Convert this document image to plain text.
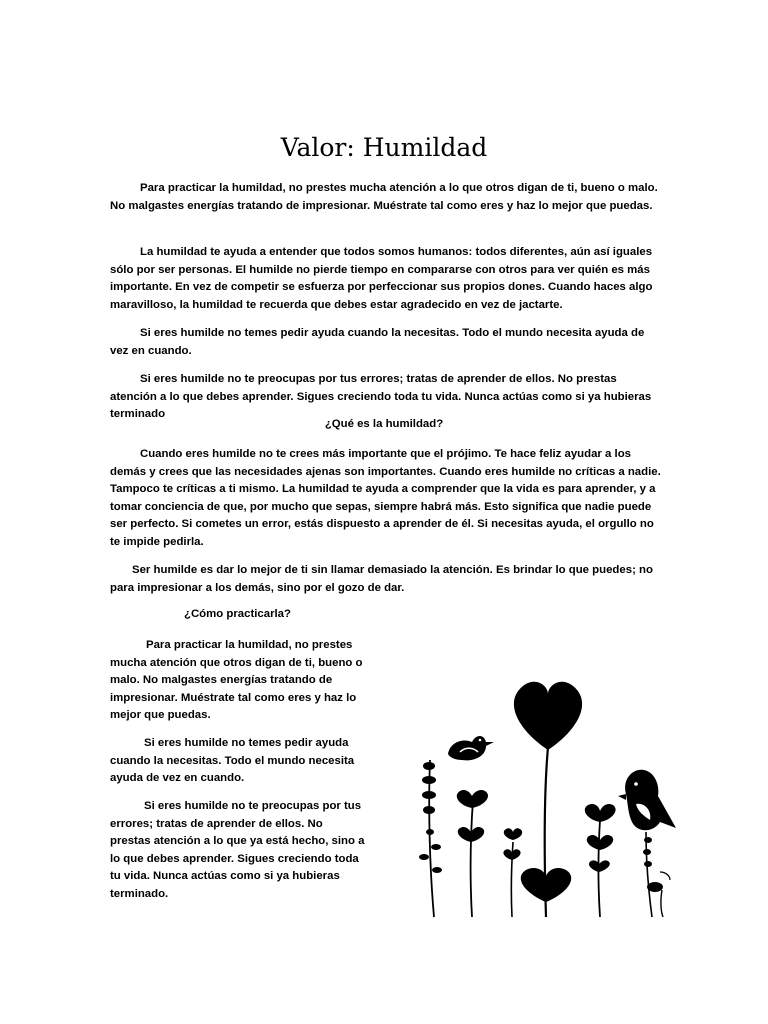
Valor: Humildad

Para practicar la humildad, no prestes mucha atención a lo que otros digan de ti, bueno o malo. No malgastes energías tratando de impresionar. Muéstrate tal como eres y haz lo mejor que puedas.

La humildad te ayuda a entender que todos somos humanos: todos diferentes, aún así iguales sólo por ser personas. El humilde no pierde tiempo en compararse con otros para ver quién es más importante. En vez de competir se esfuerza por perfeccionar sus propios dones. Cuando haces algo maravilloso, la humildad te recuerda que debes estar agradecido en vez de jactarte.

Si eres humilde no temes pedir ayuda cuando la necesitas. Todo el mundo necesita ayuda de vez en cuando.

Si eres humilde no te preocupas por tus errores; tratas de aprender de ellos. No prestas atención a lo que debes aprender. Sigues creciendo toda tu vida. Nunca actúas como si ya hubieras terminado

¿Qué es la humildad?

Cuando eres humilde no te crees más importante que el prójimo. Te hace feliz ayudar a los demás y crees que las necesidades ajenas son importantes. Cuando eres humilde no críticas a nadie. Tampoco te críticas a ti mismo. La humildad te ayuda a comprender que la vida es para aprender, y a tomar conciencia de que, por mucho que sepas, siempre habrá más. Esto significa que nadie puede ser perfecto. Si cometes un error, estás dispuesto a aprender de él. Si necesitas ayuda, el orgullo no te impide pedirla.

Ser humilde es dar lo mejor de ti sin llamar demasiado la atención. Es brindar lo que puedes; no para impresionar a los demás, sino por el gozo de dar.

¿Cómo practicarla?

Para practicar la humildad, no prestes mucha atención que otros digan de ti, bueno o malo. No malgastes energías tratando de impresionar. Muéstrate tal como eres y haz lo mejor que puedas.

Si eres humilde no temes pedir ayuda cuando la necesitas. Todo el mundo necesita ayuda de vez en cuando.

Si eres humilde no te preocupas por tus errores; tratas de aprender de ellos. No prestas atención a lo que ya está hecho, sino a lo que debes aprender. Sigues creciendo toda tu vida. Nunca actúas como si ya hubieras terminado.
